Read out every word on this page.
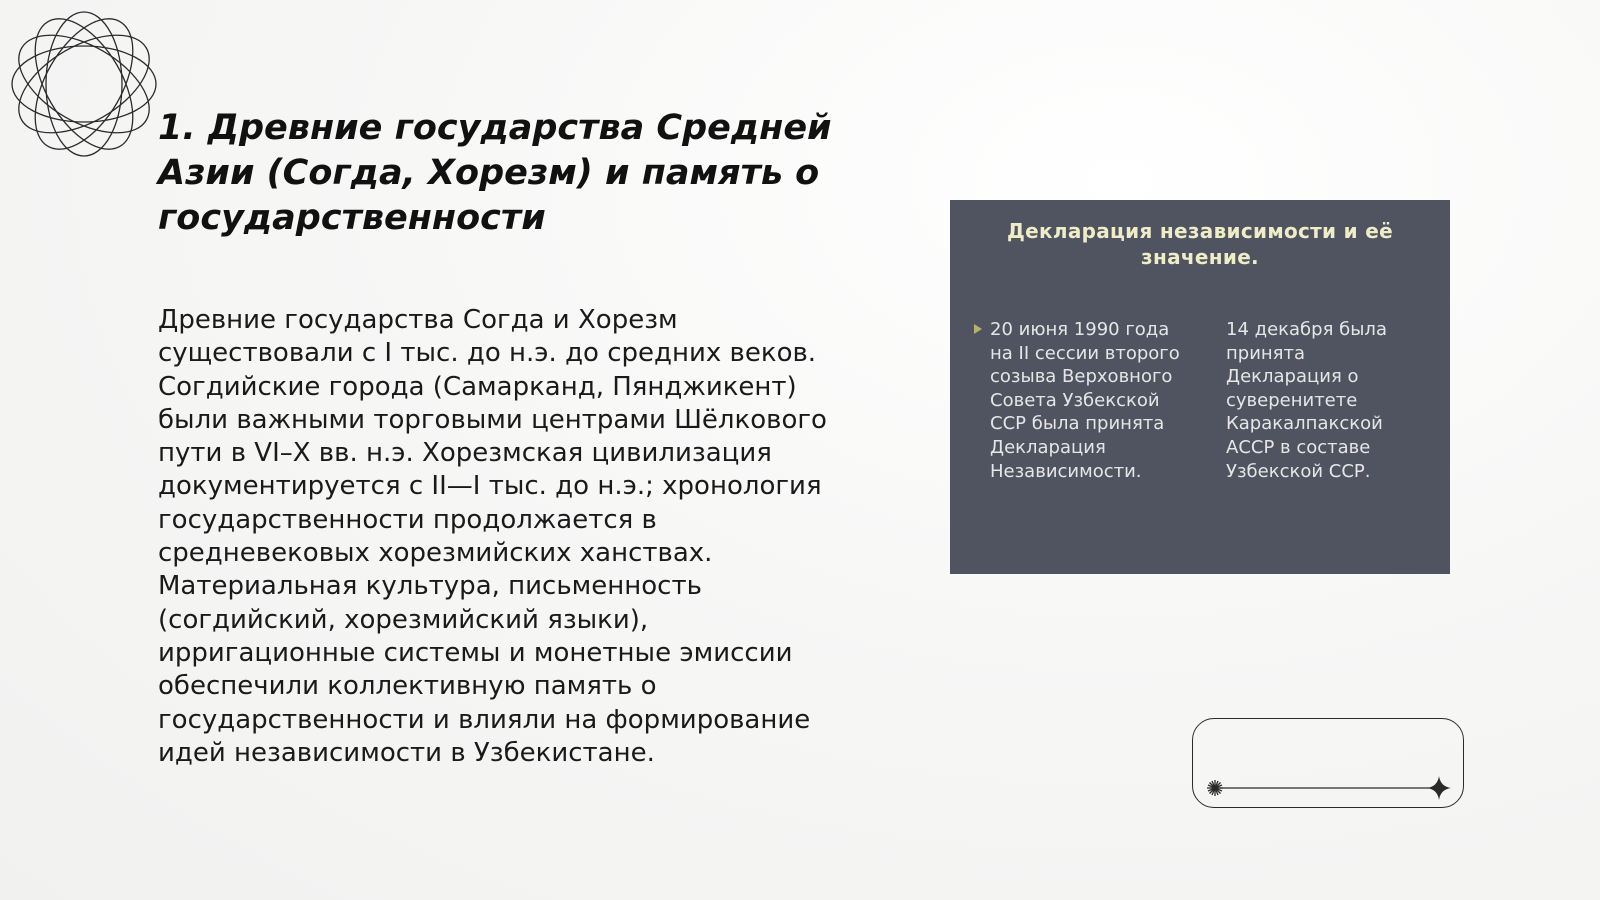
1. Древние государства Средней Азии (Согда, Хорезм) и память о государственности

Древние государства Согда и Хорезм существовали с I тыс. до н.э. до средних веков. Согдийские города (Самарканд, Пянджикент) были важными торговыми центрами Шёлкового пути в VI–X вв. н.э. Хорезмская цивилизация документируется с II—I тыс. до н.э.; хронология государственности продолжается в средневековых хорезмийских ханствах. Материальная культура, письменность (согдийский, хорезмийский языки), ирригационные системы и монетные эмиссии обеспечили коллективную память о государственности и влияли на формирование идей независимости в Узбекистане.

Декларация независимости и её значение.
20 июня 1990 года на II сессии второго созыва Верховного Совета Узбекской ССР была принята Декларация Независимости.
14 декабря была принята Декларация о суверенитете Каракалпакской АССР в составе Узбекской ССР.
